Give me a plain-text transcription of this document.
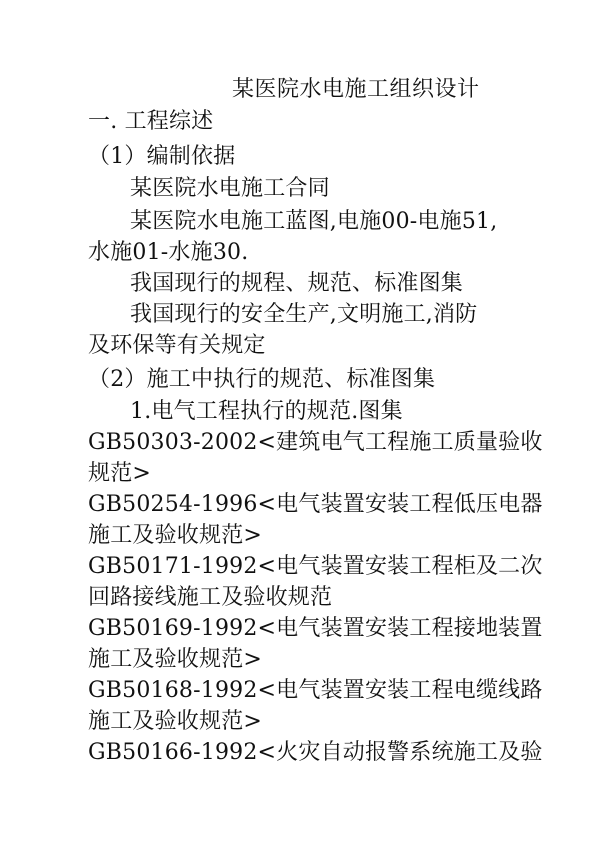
某医院水电施工组织设计
一. 工程综述
（1）编制依据
某医院水电施工合同
某医院水电施工蓝图,电施00-电施51,
水施01-水施30.
我国现行的规程、规范、标准图集
我国现行的安全生产,文明施工,消防
及环保等有关规定
（2）施工中执行的规范、标准图集
1.电气工程执行的规范.图集
GB50303-2002<建筑电气工程施工质量验收
规范>
GB50254-1996<电气装置安装工程低压电器
施工及验收规范>
GB50171-1992<电气装置安装工程柜及二次
回路接线施工及验收规范
GB50169-1992<电气装置安装工程接地装置
施工及验收规范>
GB50168-1992<电气装置安装工程电缆线路
施工及验收规范>
GB50166-1992<火灾自动报警系统施工及验
